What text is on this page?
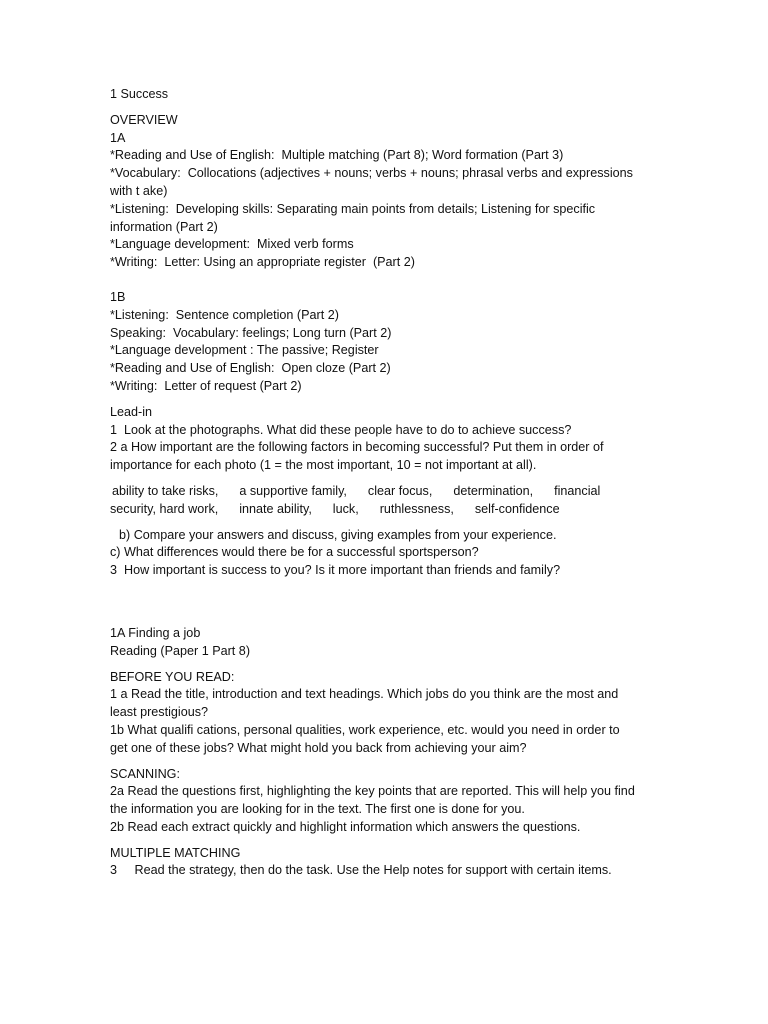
1 Success

OVERVIEW

1A

*Reading and Use of English:  Multiple matching (Part 8); Word formation (Part 3)

*Vocabulary:  Collocations (adjectives + nouns; verbs + nouns; phrasal verbs and expressions

with t ake)

*Listening:  Developing skills: Separating main points from details; Listening for specific

information (Part 2)

*Language development:  Mixed verb forms

*Writing:  Letter: Using an appropriate register  (Part 2)

1B

*Listening:  Sentence completion (Part 2)

Speaking:  Vocabulary: feelings; Long turn (Part 2)

*Language development : The passive; Register

*Reading and Use of English:  Open cloze (Part 2)

*Writing:  Letter of request (Part 2)

Lead-in

1  Look at the photographs. What did these people have to do to achieve success?

2 a How important are the following factors in becoming successful? Put them in order of

importance for each photo (1 = the most important, 10 = not important at all).

ability to take risks,      a supportive family,      clear focus,      determination,      financial

security, hard work,      innate ability,      luck,      ruthlessness,      self-confidence

b) Compare your answers and discuss, giving examples from your experience.

c) What differences would there be for a successful sportsperson?

3  How important is success to you? Is it more important than friends and family?

1A Finding a job

Reading (Paper 1 Part 8)

BEFORE YOU READ:

1 a Read the title, introduction and text headings. Which jobs do you think are the most and

least prestigious?

1b What qualifi cations, personal qualities, work experience, etc. would you need in order to

get one of these jobs? What might hold you back from achieving your aim?

SCANNING:

2a Read the questions first, highlighting the key points that are reported. This will help you find

the information you are looking for in the text. The first one is done for you.

2b Read each extract quickly and highlight information which answers the questions.

MULTIPLE MATCHING

3     Read the strategy, then do the task. Use the Help notes for support with certain items.
